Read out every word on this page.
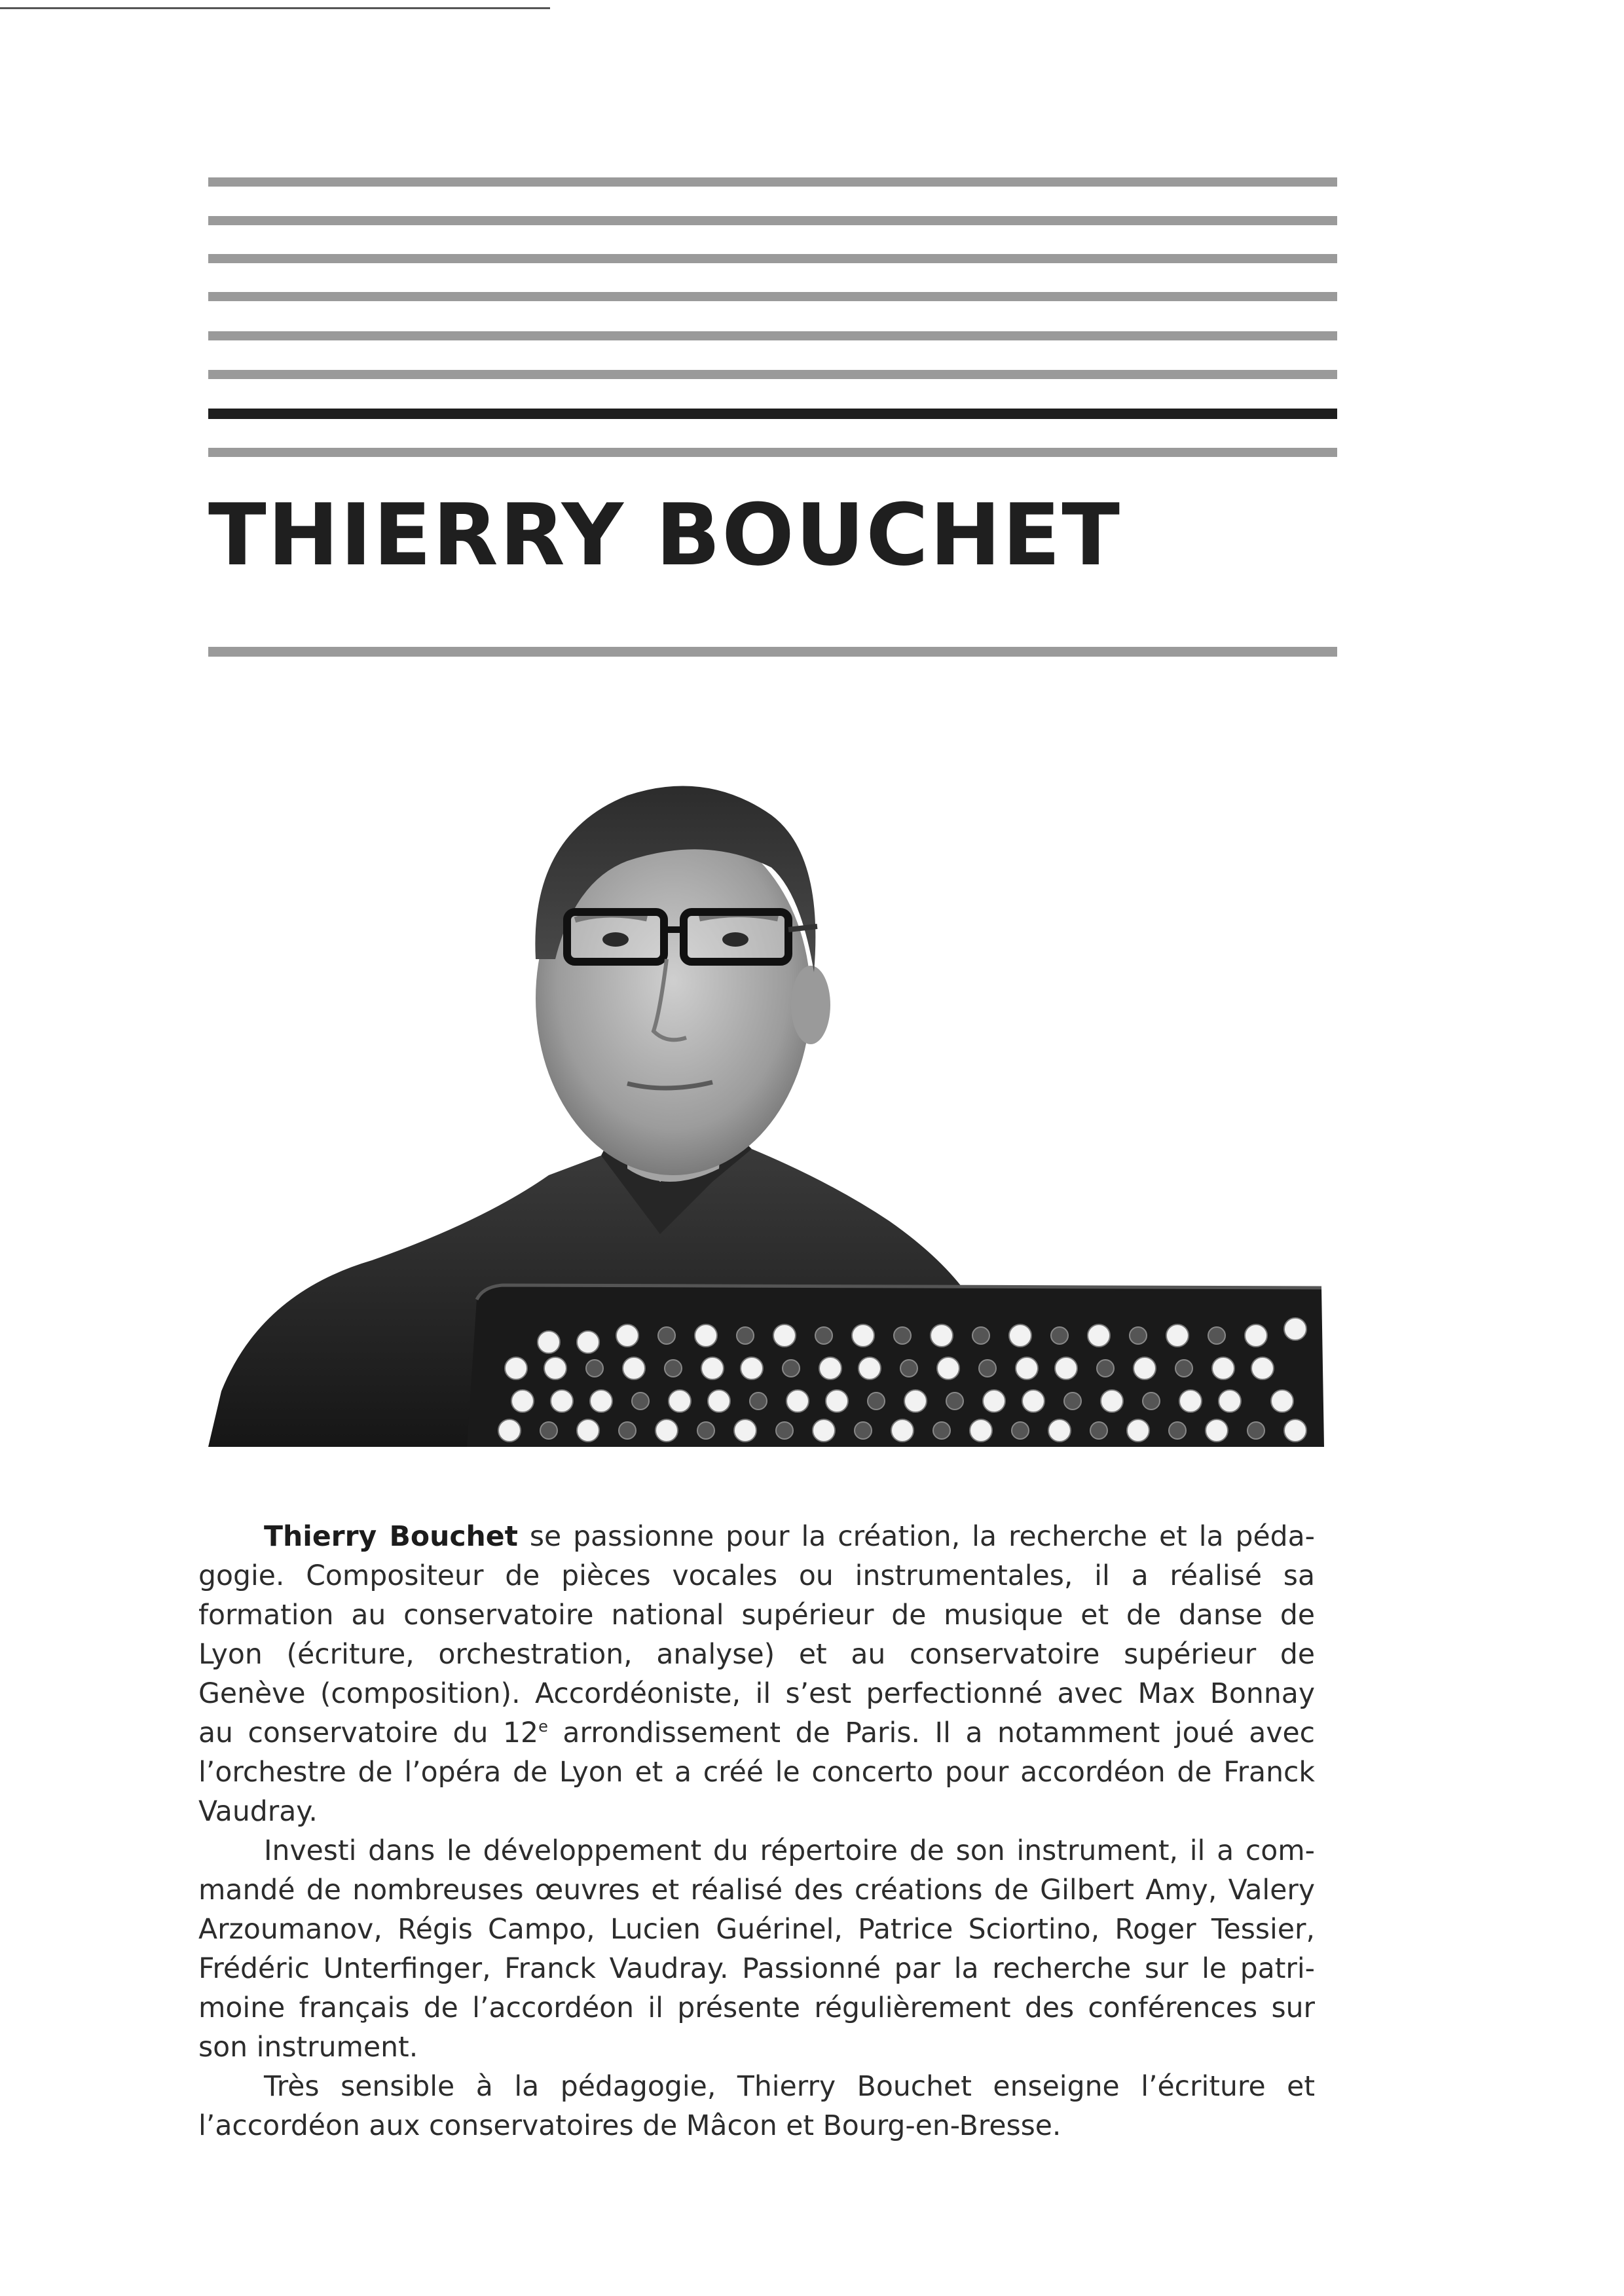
THIERRY BOUCHET
Thierry Bouchet se passionne pour la création, la recherche et la péda-
gogie. Compositeur de pièces vocales ou instrumentales, il a réalisé sa
formation au conservatoire national supérieur de musique et de danse de
Lyon (écriture, orchestration, analyse) et au conservatoire supérieur de
Genève (composition). Accordéoniste, il s’est perfectionné avec Max Bonnay
au conservatoire du 12e arrondissement de Paris. Il a notamment joué avec
l’orchestre de l’opéra de Lyon et a créé le concerto pour accordéon de Franck
Vaudray.
Investi dans le développement du répertoire de son instrument, il a com-
mandé de nombreuses œuvres et réalisé des créations de Gilbert Amy, Valery
Arzoumanov, Régis Campo, Lucien Guérinel, Patrice Sciortino, Roger Tessier,
Frédéric Unterfinger, Franck Vaudray. Passionné par la recherche sur le patri-
moine français de l’accordéon il présente régulièrement des conférences sur
son instrument.
Très sensible à la pédagogie, Thierry Bouchet enseigne l’écriture et
l’accordéon aux conservatoires de Mâcon et Bourg-en-Bresse.
